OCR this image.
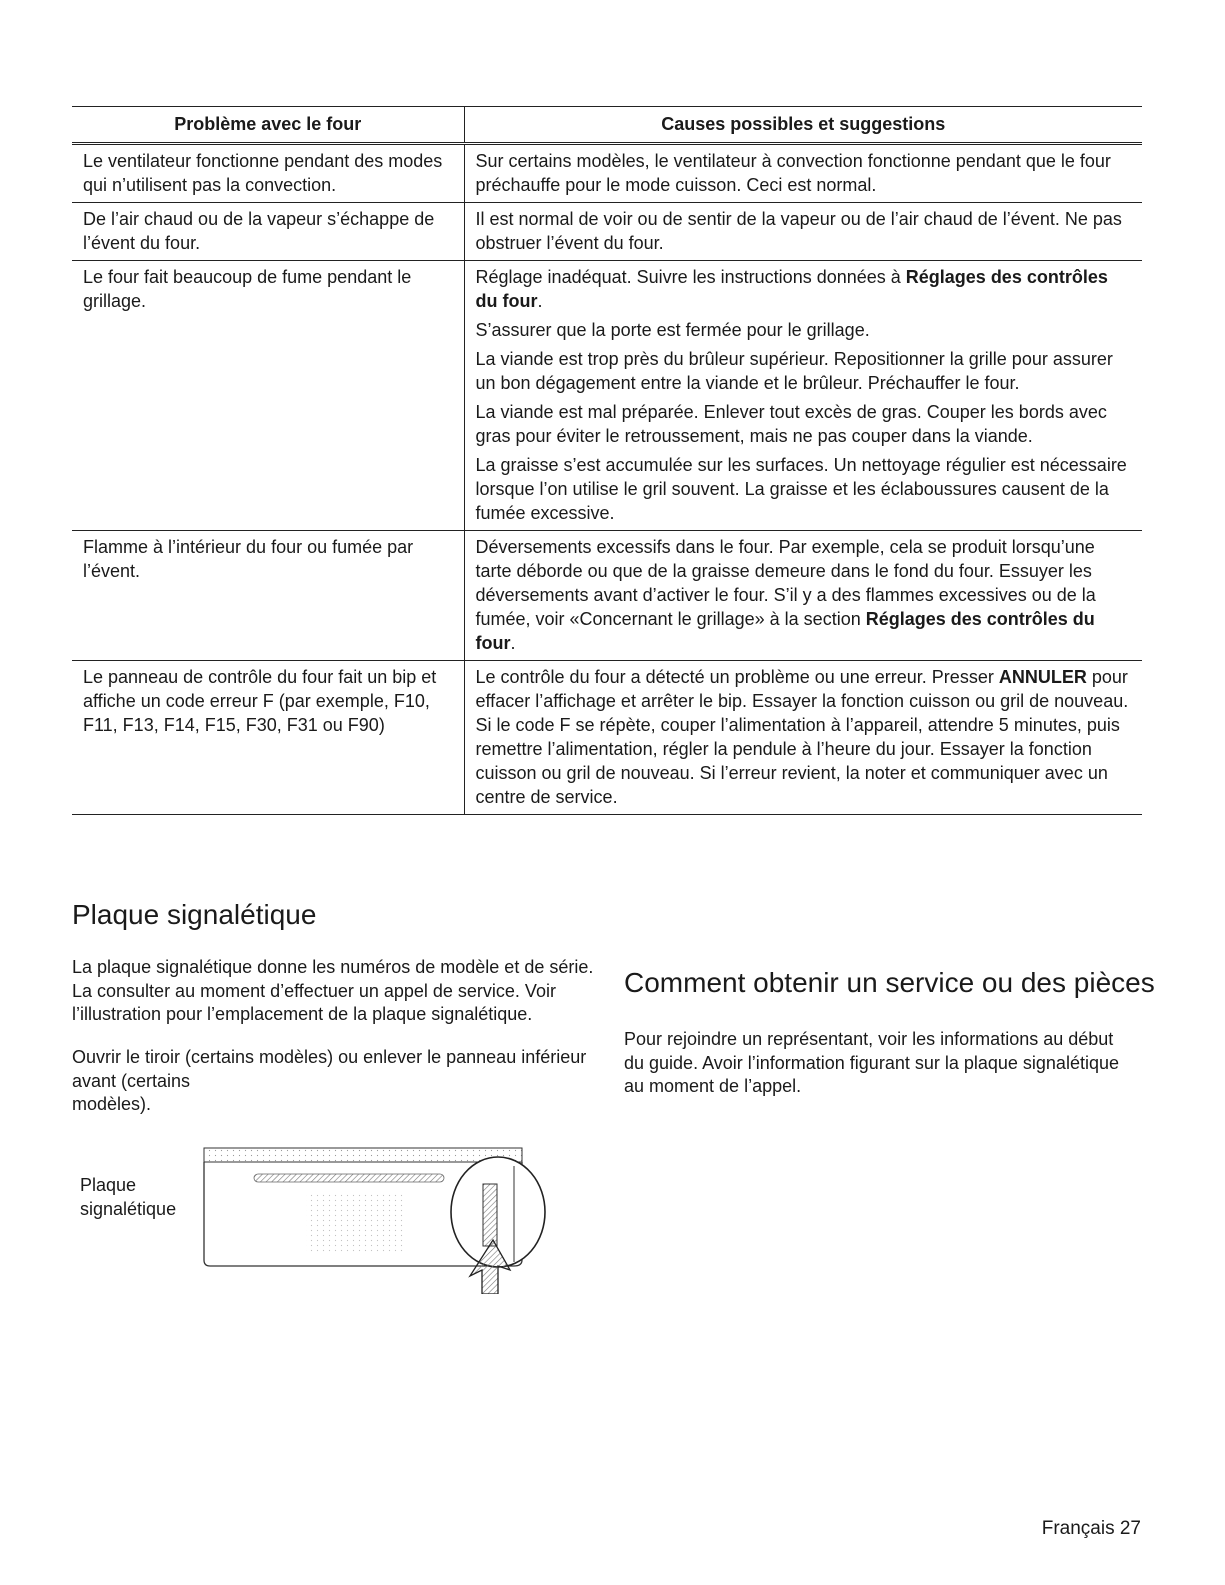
Problème avec le four	Causes possibles et suggestions
Le ventilateur fonctionne pendant des modes qui n’utilisent pas la convection.	Sur certains modèles, le ventilateur à convection fonctionne pendant que le four préchauffe pour le mode cuisson. Ceci est normal.

De l’air chaud ou de la vapeur s’échappe de l’évent du four.	Il est normal de voir ou de sentir de la vapeur ou de l’air chaud de l’évent. Ne pas obstruer l’évent du four.

Le four fait beaucoup de fume pendant le grillage.	Réglage inadéquat. Suivre les instructions données à Réglages des contrôles du four.

S’assurer que la porte est fermée pour le grillage.

La viande est trop près du brûleur supérieur. Repositionner la grille pour assurer un bon dégagement entre la viande et le brûleur. Préchauffer le four.

La viande est mal préparée. Enlever tout excès de gras. Couper les bords avec gras pour éviter le retroussement, mais ne pas couper dans la viande.

La graisse s’est accumulée sur les surfaces. Un nettoyage régulier est nécessaire lorsque l’on utilise le gril souvent. La graisse et les éclaboussures causent de la fumée excessive.

Flamme à l’intérieur du four ou fumée par l’évent.	Déversements excessifs dans le four. Par exemple, cela se produit lorsqu’une tarte déborde ou que de la graisse demeure dans le fond du four. Essuyer les déversements avant d’activer le four. S’il y a des flammes excessives ou de la fumée, voir «Concernant le grillage» à la section Réglages des contrôles du four.

Le panneau de contrôle du four fait un bip et affiche un code erreur F (par exemple, F10, F11, F13, F14, F15, F30, F31 ou F90)	Le contrôle du four a détecté un problème ou une erreur. Presser ANNULER pour effacer l’affichage et arrêter le bip. Essayer la fonction cuisson ou gril de nouveau. Si le code F se répète, couper l’alimentation à l’appareil, attendre 5 minutes, puis remettre l’alimentation, régler la pendule à l’heure du jour. Essayer la fonction cuisson ou gril de nouveau. Si l’erreur revient, la noter et communiquer avec un centre de service.

Plaque signalétique

La plaque signalétique donne les numéros de modèle et de série. La consulter au moment d’effectuer un appel de service. Voir l’illustration pour l’emplacement de la plaque signalétique.

Ouvrir le tiroir (certains modèles) ou enlever le panneau inférieur avant (certains
modèles).

Plaque
signalétique
Comment obtenir un service ou des pièces

Pour rejoindre un représentant, voir les informations au début du guide. Avoir l’information figurant sur la plaque signalétique au moment de l’appel.

Français 27
